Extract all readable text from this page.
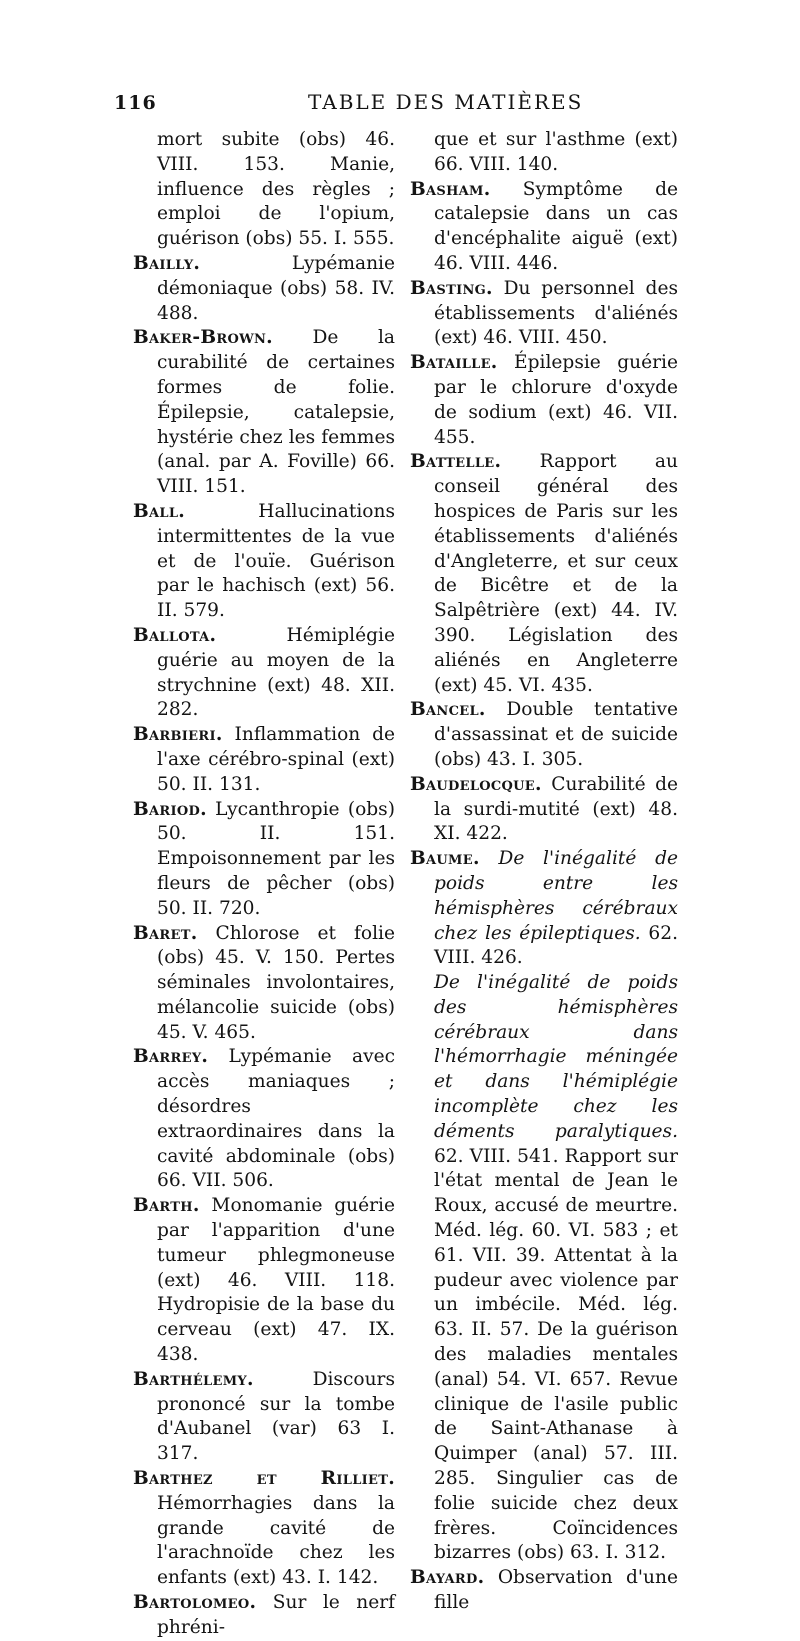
116	TABLE DES MATIÈRES

mort subite (obs) 46. VIII. 153. Manie, influence des règles ; emploi de l'opium, guérison (obs) 55. I. 555.

Bailly.	Lypémanie démoniaque (obs) 58. IV. 488.

Baker-Brown. De la curabilité de certaines formes de folie. Épilepsie, catalepsie, hystérie chez les femmes (anal. par A. Foville) 66. VIII. 151.

Ball.	Hallucinations intermittentes de la vue et de l'ouïe. Guérison par le hachisch (ext) 56. II. 579.

Ballota.	Hémiplégie guérie au moyen de la strychnine (ext) 48. XII. 282.

Barbieri. Inflammation de l'axe cérébro-spinal (ext) 50. II. 131.

Bariod. Lycanthropie (obs) 50. II. 151. Empoisonnement par les fleurs de pêcher (obs) 50. II. 720.

Baret. Chlorose et folie (obs) 45. V. 150. Pertes séminales involontaires, mélancolie suicide (obs) 45. V. 465.

Barrey. Lypémanie avec accès maniaques ; désordres extraordinaires dans la cavité abdominale (obs) 66. VII. 506.

Barth. Monomanie guérie par l'apparition d'une tumeur phlegmoneuse (ext) 46. VIII. 118. Hydropisie de la base du cerveau (ext) 47. IX. 438.

Barthélemy.	Discours prononcé sur la tombe d'Aubanel (var) 63 I. 317.

Barthez et Rilliet. Hémorrhagies dans la grande cavité de l'arachnoïde chez les enfants (ext) 43. I. 142.

Bartolomeo. Sur le nerf phréni-

que et sur l'asthme (ext) 66. VIII. 140.

Basham. Symptôme de catalepsie dans un cas d'encéphalite aiguë (ext) 46. VIII. 446.

Basting. Du personnel des établissements d'aliénés (ext) 46. VIII. 450.

Bataille. Épilepsie guérie par le chlorure d'oxyde de sodium (ext) 46. VII. 455.

Battelle. Rapport au conseil général des hospices de Paris sur les établissements d'aliénés d'Angleterre, et sur ceux de Bicêtre et de la Salpêtrière (ext) 44. IV. 390. Législation des aliénés en Angleterre (ext) 45. VI. 435.

Bancel. Double tentative d'assassinat et de suicide (obs) 43. I. 305.

Baudelocque. Curabilité de la surdi-mutité (ext) 48. XI. 422.

Baume. De l'inégalité de poids entre les hémisphères cérébraux chez les épileptiques. 62. VIII. 426.

De l'inégalité de poids des hémisphères cérébraux dans l'hémorrhagie méningée et dans l'hémiplégie incomplète chez les déments paralytiques. 62. VIII. 541. Rapport sur l'état mental de Jean le Roux, accusé de meurtre. Méd. lég. 60. VI. 583 ; et 61. VII. 39. Attentat à la pudeur avec violence par un imbécile. Méd. lég. 63. II. 57. De la guérison des maladies mentales (anal) 54. VI. 657. Revue clinique de l'asile public de Saint-Athanase à Quimper (anal) 57. III. 285. Singulier cas de folie suicide chez deux frères. Coïncidences bizarres (obs) 63. I. 312.

Bayard. Observation d'une fille
